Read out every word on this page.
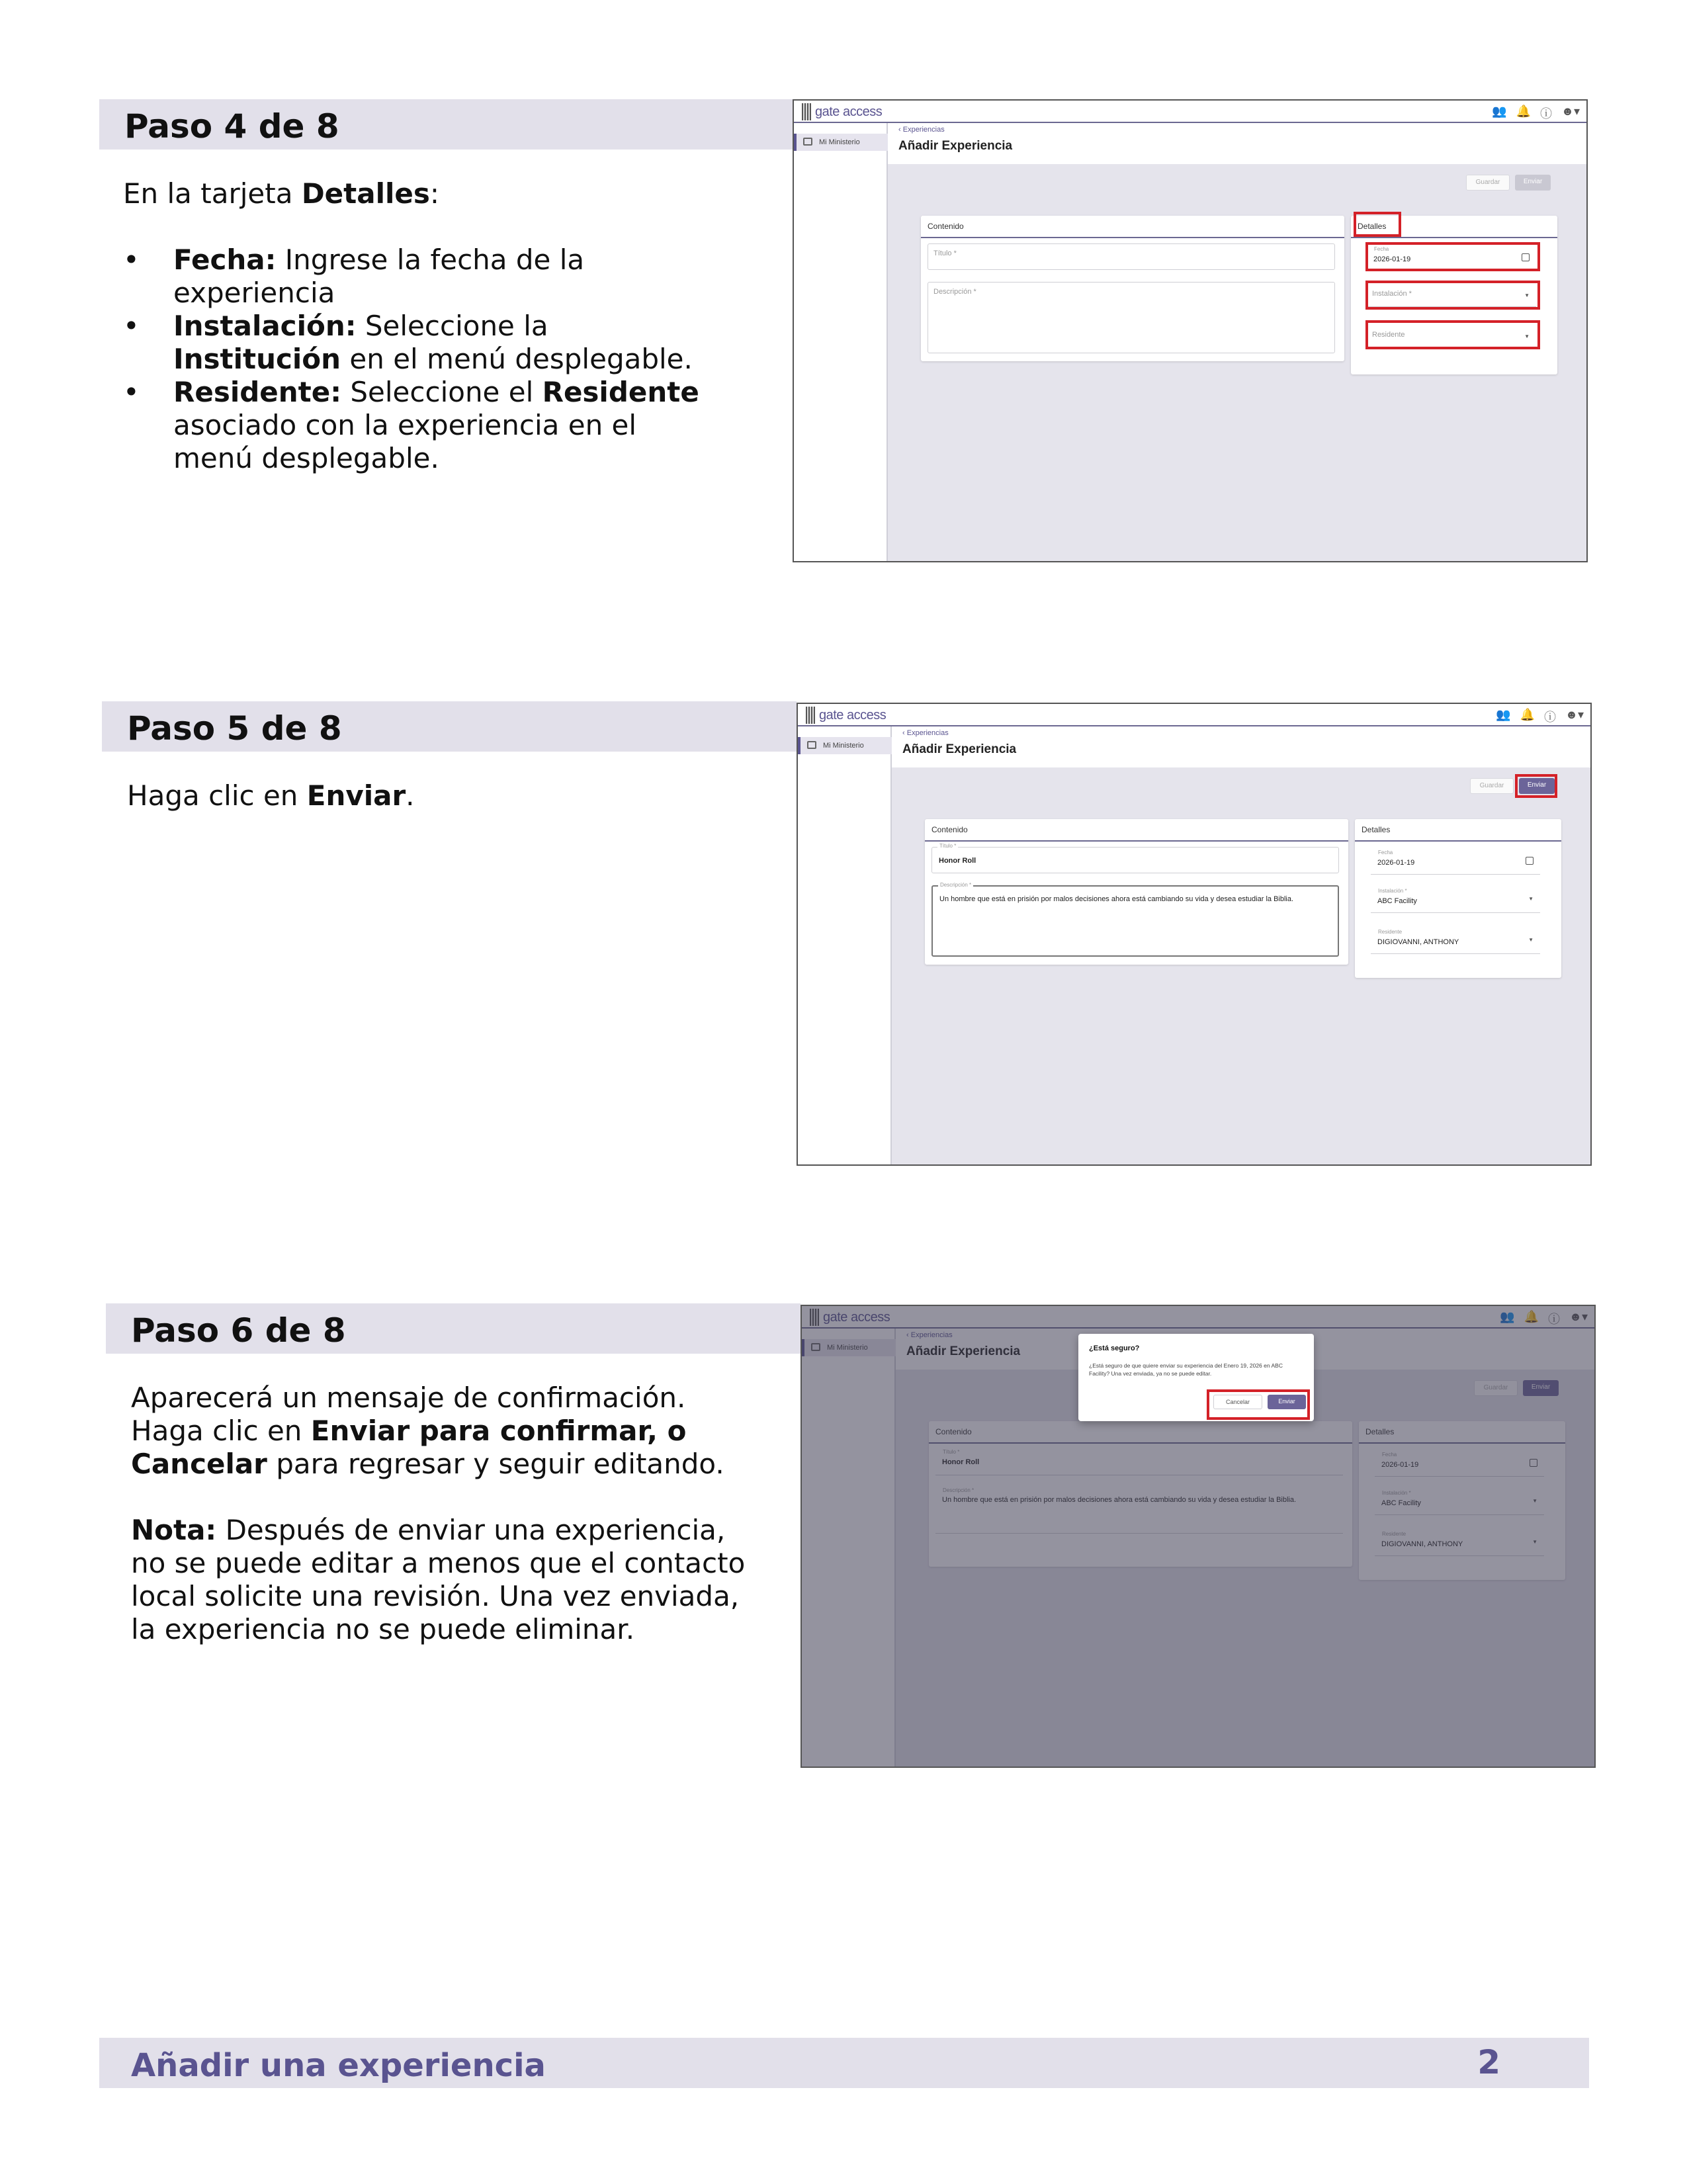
Paso 4 de 8

En la tarjeta Detalles:

• Fecha: Ingrese la fecha de la experiencia
• Instalación: Seleccione la Institución en el menú desplegable.
• Residente: Seleccione el Residente asociado con la experiencia en el menú desplegable.
gate access	👥 🔔 ⓘ ☻▾
Mi Ministerio
‹ Experiencias
Añadir Experiencia
Guardar	Enviar
Contenido
Título *
Descripción *
Detalles
Fecha
2026-01-19
Instalación *	▼
Residente	▼
Paso 5 de 8

Haga clic en Enviar.

gate access	👥 🔔 ⓘ ☻▾
Mi Ministerio
‹ Experiencias
Añadir Experiencia
Guardar	Enviar
Contenido
Título *
Honor Roll
Descripción *
Un hombre que está en prisión por malos decisiones ahora está cambiando su vida y desea estudiar la Biblia.
Detalles
Fecha
2026-01-19
Instalación *
ABC Facility	▼
Residente
DIGIOVANNI, ANTHONY	▼
Paso 6 de 8

Aparecerá un mensaje de confirmación. Haga clic en Enviar para confirmar, o Cancelar para regresar y seguir editando.

Nota: Después de enviar una experiencia, no se puede editar a menos que el contacto local solicite una revisión. Una vez enviada, la experiencia no se puede eliminar.

¿Está seguro?
¿Está seguro de que quiere enviar su experiencia del Enero 19, 2026 en ABC Facility? Una vez enviada, ya no se puede editar.
Cancelar	Enviar
Añadir una experiencia	2
